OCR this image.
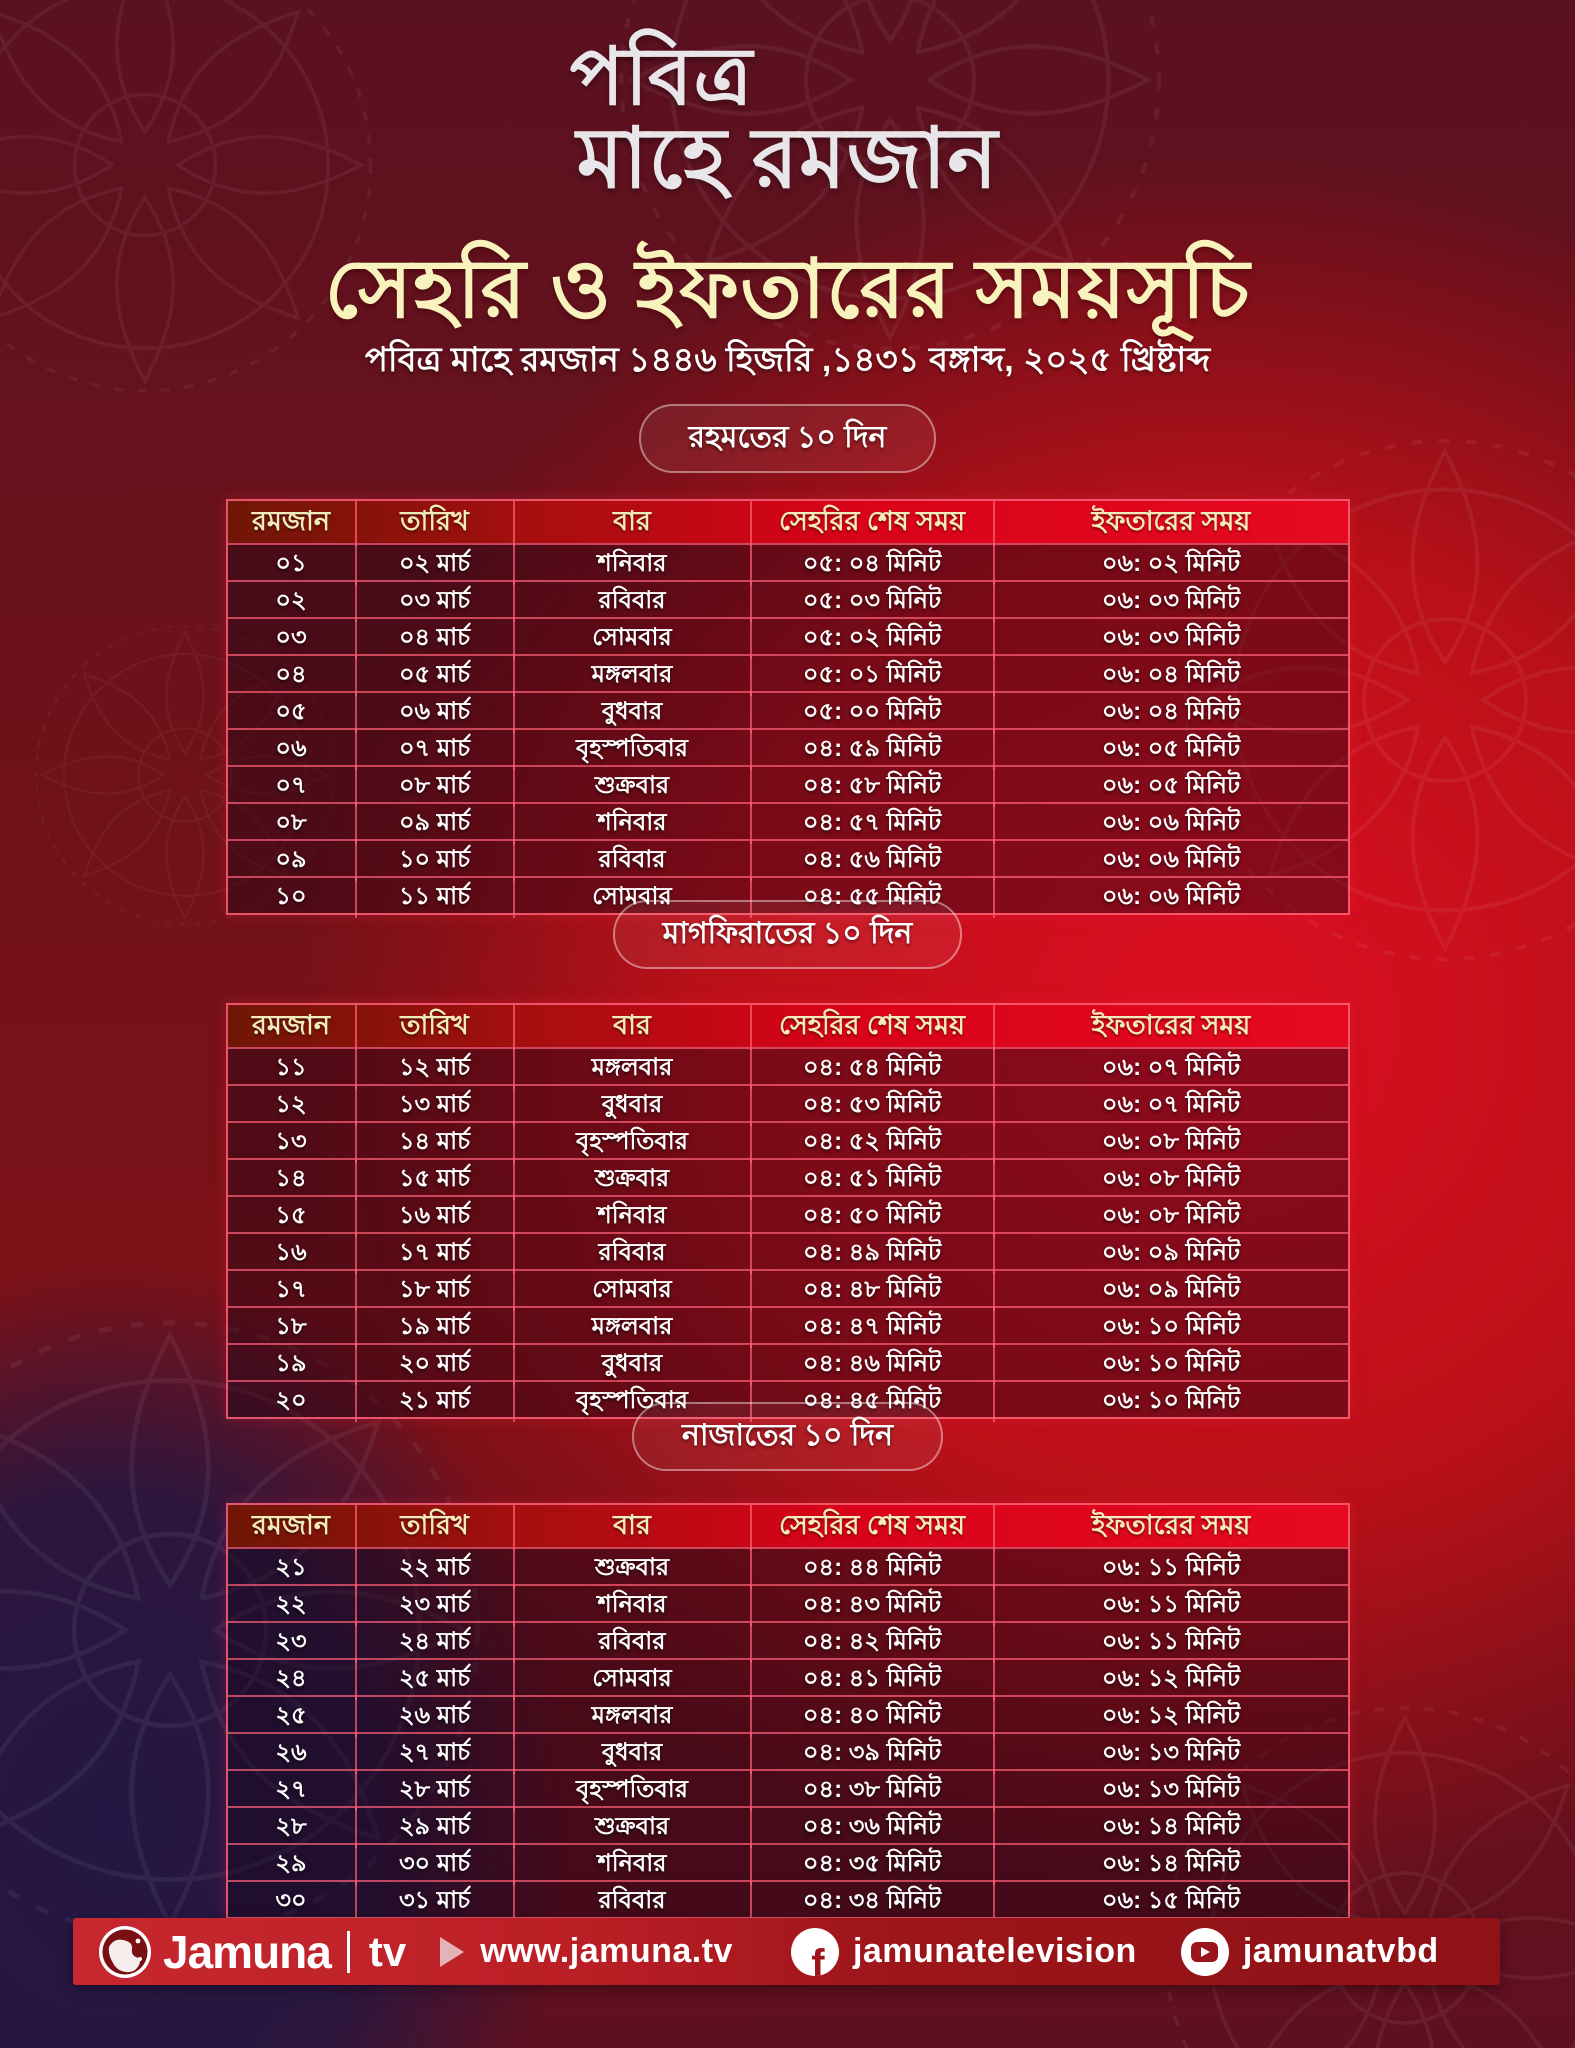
পবিত্র
মাহে রমজান
সেহরি ও ইফতারের সময়সূচি
পবিত্র মাহে রমজান ১৪৪৬ হিজরি ,১৪৩১ বঙ্গাব্দ, ২০২৫ খ্রিষ্টাব্দ
রহমতের ১০ দিন
রমজান	তারিখ	বার	সেহরির শেষ সময়	ইফতারের সময়
০১	০২ মার্চ	শনিবার	০৫: ০৪ মিনিট	০৬: ০২ মিনিট
০২	০৩ মার্চ	রবিবার	০৫: ০৩ মিনিট	০৬: ০৩ মিনিট
০৩	০৪ মার্চ	সোমবার	০৫: ০২ মিনিট	০৬: ০৩ মিনিট
০৪	০৫ মার্চ	মঙ্গলবার	০৫: ০১ মিনিট	০৬: ০৪ মিনিট
০৫	০৬ মার্চ	বুধবার	০৫: ০০ মিনিট	০৬: ০৪ মিনিট
০৬	০৭ মার্চ	বৃহস্পতিবার	০৪: ৫৯ মিনিট	০৬: ০৫ মিনিট
০৭	০৮ মার্চ	শুক্রবার	০৪: ৫৮ মিনিট	০৬: ০৫ মিনিট
০৮	০৯ মার্চ	শনিবার	০৪: ৫৭ মিনিট	০৬: ০৬ মিনিট
০৯	১০ মার্চ	রবিবার	০৪: ৫৬ মিনিট	০৬: ০৬ মিনিট
১০	১১ মার্চ	সোমবার	০৪: ৫৫ মিনিট	০৬: ০৬ মিনিট
মাগফিরাতের ১০ দিন
রমজান	তারিখ	বার	সেহরির শেষ সময়	ইফতারের সময়
১১	১২ মার্চ	মঙ্গলবার	০৪: ৫৪ মিনিট	০৬: ০৭ মিনিট
১২	১৩ মার্চ	বুধবার	০৪: ৫৩ মিনিট	০৬: ০৭ মিনিট
১৩	১৪ মার্চ	বৃহস্পতিবার	০৪: ৫২ মিনিট	০৬: ০৮ মিনিট
১৪	১৫ মার্চ	শুক্রবার	০৪: ৫১ মিনিট	০৬: ০৮ মিনিট
১৫	১৬ মার্চ	শনিবার	০৪: ৫০ মিনিট	০৬: ০৮ মিনিট
১৬	১৭ মার্চ	রবিবার	০৪: ৪৯ মিনিট	০৬: ০৯ মিনিট
১৭	১৮ মার্চ	সোমবার	০৪: ৪৮ মিনিট	০৬: ০৯ মিনিট
১৮	১৯ মার্চ	মঙ্গলবার	০৪: ৪৭ মিনিট	০৬: ১০ মিনিট
১৯	২০ মার্চ	বুধবার	০৪: ৪৬ মিনিট	০৬: ১০ মিনিট
২০	২১ মার্চ	বৃহস্পতিবার	০৪: ৪৫ মিনিট	০৬: ১০ মিনিট
নাজাতের ১০ দিন
রমজান	তারিখ	বার	সেহরির শেষ সময়	ইফতারের সময়
২১	২২ মার্চ	শুক্রবার	০৪: ৪৪ মিনিট	০৬: ১১ মিনিট
২২	২৩ মার্চ	শনিবার	০৪: ৪৩ মিনিট	০৬: ১১ মিনিট
২৩	২৪ মার্চ	রবিবার	০৪: ৪২ মিনিট	০৬: ১১ মিনিট
২৪	২৫ মার্চ	সোমবার	০৪: ৪১ মিনিট	০৬: ১২ মিনিট
২৫	২৬ মার্চ	মঙ্গলবার	০৪: ৪০ মিনিট	০৬: ১২ মিনিট
২৬	২৭ মার্চ	বুধবার	০৪: ৩৯ মিনিট	০৬: ১৩ মিনিট
২৭	২৮ মার্চ	বৃহস্পতিবার	০৪: ৩৮ মিনিট	০৬: ১৩ মিনিট
২৮	২৯ মার্চ	শুক্রবার	০৪: ৩৬ মিনিট	০৬: ১৪ মিনিট
২৯	৩০ মার্চ	শনিবার	০৪: ৩৫ মিনিট	০৬: ১৪ মিনিট
৩০	৩১ মার্চ	রবিবার	০৪: ৩৪ মিনিট	০৬: ১৫ মিনিট
Jamuna tv www.jamuna.tv f jamunatelevision	jamunatvbd
